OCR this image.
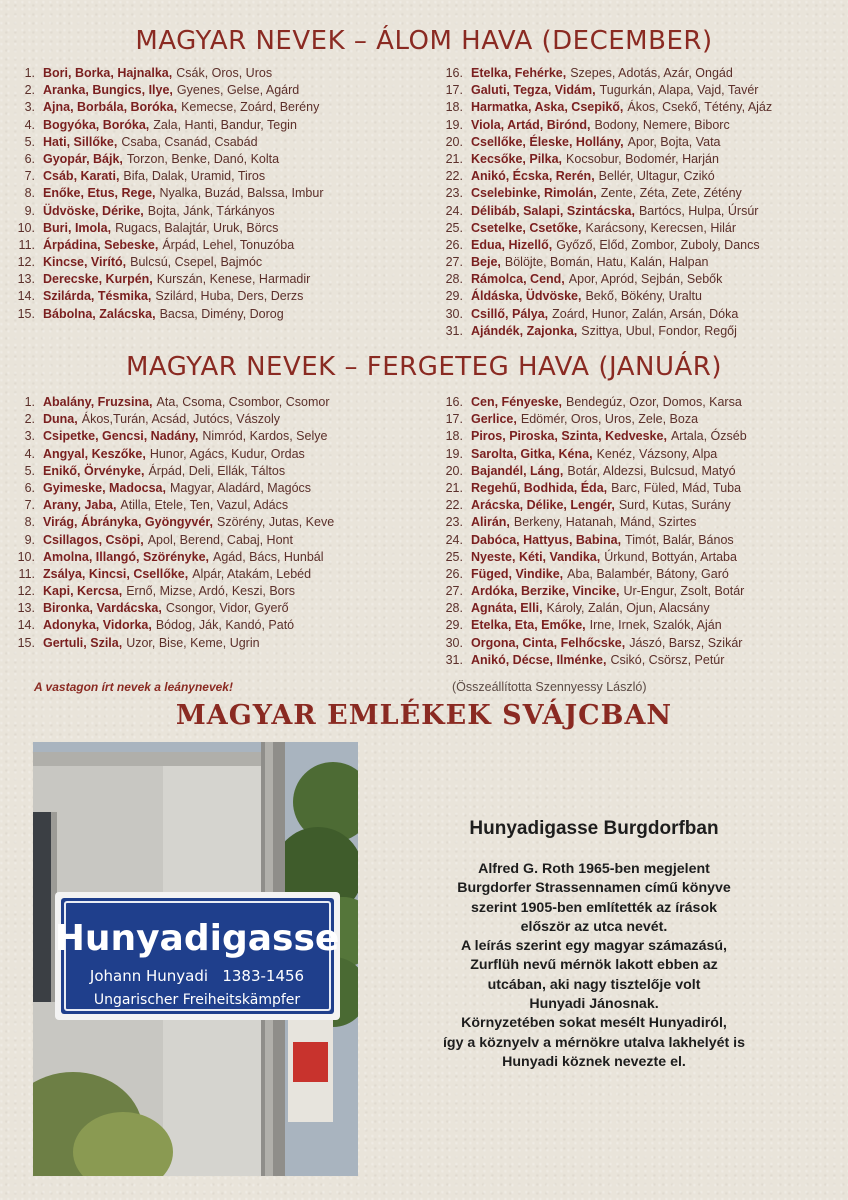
MAGYAR NEVEK – ÁLOM HAVA (DECEMBER)
1. Bori, Borka, Hajnalka, Csák, Oros, Uros
2. Aranka, Bungics, Ilye, Gyenes, Gelse, Agárd
3. Ajna, Borbála, Boróka, Kemecse, Zoárd, Berény
4. Bogyóka, Boróka, Zala, Hanti, Bandur, Tegin
5. Hati, Sillőke, Csaba, Csanád, Csabád
6. Gyopár, Bájk, Torzon, Benke, Danó, Kolta
7. Csáb, Karati, Bifa, Dalak, Uramid, Tiros
8. Enőke, Etus, Rege, Nyalka, Buzád, Balssa, Imbur
9. Üdvöske, Dérike, Bojta, Jánk, Tárkányos
10. Buri, Imola, Rugacs, Balajtár, Uruk, Börcs
11. Árpádina, Sebeske, Árpád, Lehel, Tonuzóba
12. Kincse, Virító, Bulcsú, Csepel, Bajmóc
13. Derecske, Kurpén, Kurszán, Kenese, Harmadir
14. Szilárda, Tésmika, Szilárd, Huba, Ders, Derzs
15. Bábolna, Zalácska, Bacsa, Dimény, Dorog
16. Etelka, Fehérke, Szepes, Adotás, Azár, Ongád
17. Galuti, Tegza, Vidám, Tugurkán, Alapa, Vajd, Tavér
18. Harmatka, Aska, Csepikő, Ákos, Csekő, Tétény, Ajáz
19. Viola, Artád, Birónd, Bodony, Nemere, Biborc
20. Csellőke, Éleske, Hollány, Apor, Bojta, Vata
21. Kecsőke, Pilka, Kocsobur, Bodomér, Harján
22. Anikó, Écska, Rerén, Bellér, Ultagur, Czikó
23. Cselebinke, Rimolán, Zente, Zéta, Zete, Zétény
24. Délibáb, Salapi, Szintácska, Bartócs, Hulpa, Úrsúr
25. Csetelke, Csetőke, Karácsony, Kerecsen, Hilár
26. Edua, Hizellő, Győző, Előd, Zombor, Zuboly, Dancs
27. Beje, Bölöjte, Bomán, Hatu, Kalán, Halpan
28. Rámolca, Cend, Apor, Apród, Sejbán, Sebők
29. Áldáska, Üdvöske, Bekő, Bökény, Uraltu
30. Csillő, Pálya, Zoárd, Hunor, Zalán, Arsán, Dóka
31. Ajándék, Zajonka, Szittya, Ubul, Fondor, Regőj
MAGYAR NEVEK – FERGETEG HAVA (JANUÁR)
1. Abalány, Fruzsina, Ata, Csoma, Csombor, Csomor
2. Duna, Ákos,Turán, Acsád, Jutócs, Vászoly
3. Csipetke, Gencsi, Nadány, Nimród, Kardos, Selye
4. Angyal, Keszőke, Hunor, Agács, Kudur, Ordas
5. Enikő, Örvényke, Árpád, Deli, Ellák, Táltos
6. Gyimeske, Madocsa, Magyar, Aladárd, Magócs
7. Arany, Jaba, Atilla, Etele, Ten, Vazul, Adács
8. Virág, Ábrányka, Gyöngyvér, Szörény, Jutas, Keve
9. Csillagos, Csöpi, Apol, Berend, Cabaj, Hont
10. Amolna, Illangó, Szörényke, Agád, Bács, Hunbál
11. Zsálya, Kincsi, Csellőke, Alpár, Atakám, Lebéd
12. Kapi, Kercsa, Ernő, Mizse, Ardó, Keszi, Bors
13. Bironka, Vardácska, Csongor, Vidor, Gyerő
14. Adonyka, Vidorka, Bódog, Ják, Kandó, Pató
15. Gertuli, Szila, Uzor, Bise, Keme, Ugrin
16. Cen, Fényeske, Bendegúz, Ozor, Domos, Karsa
17. Gerlice, Edömér, Oros, Uros, Zele, Boza
18. Piros, Piroska, Szinta, Kedveske, Artala, Ózséb
19. Sarolta, Gitka, Kéna, Kenéz, Vázsony, Alpa
20. Bajandél, Láng, Botár, Aldezsi, Bulcsud, Matyó
21. Regehű, Bodhida, Éda, Barc, Füled, Mád, Tuba
22. Arácska, Délike, Lengér, Surd, Kutas, Surány
23. Alirán, Berkeny, Hatanah, Mánd, Szirtes
24. Dabóca, Hattyus, Babina, Timót, Balár, Bános
25. Nyeste, Kéti, Vandika, Úrkund, Bottyán, Artaba
26. Füged, Vindike, Aba, Balambér, Bátony, Garó
27. Ardóka, Berzike, Vincike, Ur-Engur, Zsolt, Botár
28. Agnáta, Elli, Károly, Zalán, Ojun, Alacsány
29. Etelka, Eta, Emőke, Irne, Irnek, Szalók, Aján
30. Orgona, Cinta, Felhőcske, Jászó, Barsz, Szikár
31. Anikó, Décse, Ilménke, Csikó, Csörsz, Petúr
A vastagon írt nevek a leánynevek!	(Összeállította Szennyessy László)
MAGYAR EMLÉKEK SVÁJCBAN
Hunyadigasse
Johann Hunyadi   1383-1456
Ungarischer Freiheitskämpfer
Hunyadigasse Burgdorfban
Alfred G. Roth 1965-ben megjelent
Burgdorfer Strassennamen című könyve
szerint 1905-ben említették az írások
először az utca nevét.
A leírás szerint egy magyar számazású,
Zurflüh nevű mérnök lakott ebben az
utcában, aki nagy tisztelője volt
Hunyadi Jánosnak.
Környzetében sokat mesélt Hunyadiról,
így a köznyelv a mérnökre utalva lakhelyét is
Hunyadi köznek nevezte el.
